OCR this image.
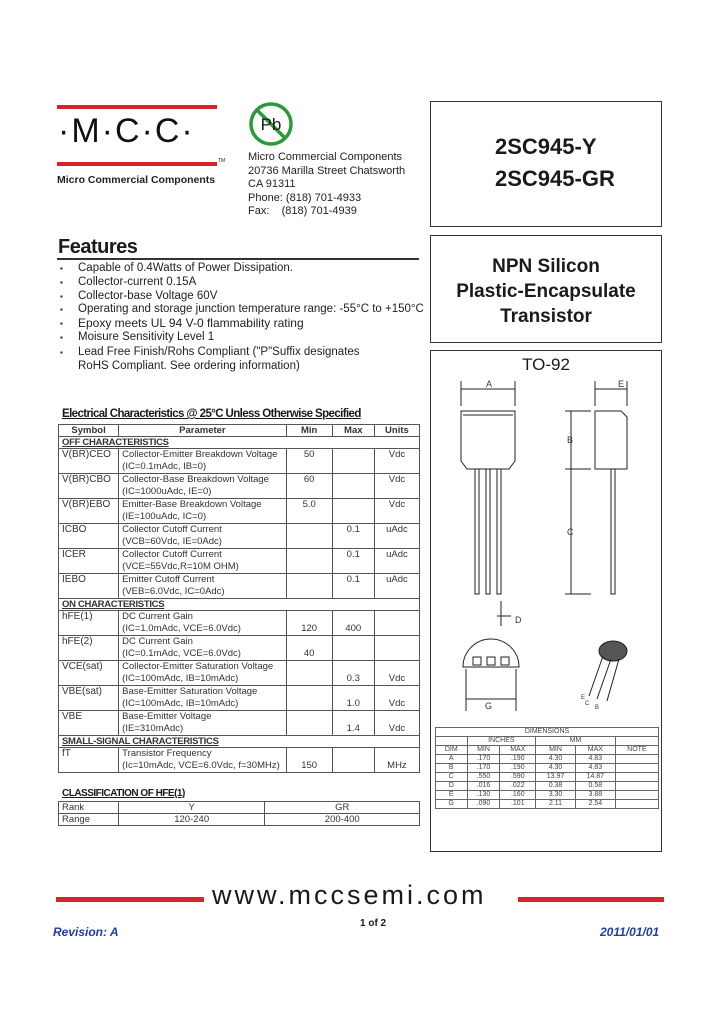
·M·C·C·
TM
Micro Commercial Components
Pb
Micro Commercial Components
20736 Marilla Street Chatsworth
CA 91311
Phone: (818) 701-4933
Fax:    (818) 701-4939
2SC945-Y
2SC945-GR
NPN Silicon
Plastic-Encapsulate
Transistor
Features
▪ Capable of 0.4Watts of Power Dissipation.
▪ Collector-current 0.15A
▪ Collector-base Voltage 60V
▪ Operating and storage junction temperature range: -55°C to +150°C
▪ Epoxy meets UL 94 V-0 flammability rating
▪ Moisure Sensitivity Level 1
▪ Lead Free Finish/Rohs Compliant ("P"Suffix designates
RoHS Compliant. See ordering information)
Electrical Characteristics @ 25°C Unless Otherwise Specified
Symbol	Parameter	Min	Max	Units
OFF CHARACTERISTICS				
V(BR)CEO	Collector-Emitter Breakdown Voltage
(IC=0.1mAdc, IB=0)	50		Vdc
V(BR)CBO	Collector-Base Breakdown Voltage
(IC=1000uAdc, IE=0)	60		Vdc
V(BR)EBO	Emitter-Base Breakdown Voltage
(IE=100uAdc, IC=0)	5.0		Vdc
ICBO	Collector Cutoff Current
(VCB=60Vdc, IE=0Adc)		0.1	uAdc
ICER	Collector Cutoff Current
(VCE=55Vdc,R=10M OHM)		0.1	uAdc
IEBO	Emitter Cutoff Current
(VEB=6.0Vdc, IC=0Adc)		0.1	uAdc
ON CHARACTERISTICS				
hFE(1)	DC Current Gain
(IC=1.0mAdc, VCE=6.0Vdc)	120	400	
hFE(2)	DC Current Gain
(IC=0.1mAdc, VCE=6.0Vdc)	40		
VCE(sat)	Collector-Emitter Saturation Voltage
(IC=100mAdc, IB=10mAdc)		0.3	Vdc
VBE(sat)	Base-Emitter Saturation Voltage
(IC=100mAdc, IB=10mAdc)		1.0	Vdc
VBE	Base-Emitter Voltage
(IE=310mAdc)		1.4	Vdc
SMALL-SIGNAL CHARACTERISTICS				
fT	Transistor Frequency
(Ic=10mAdc, VCE=6.0Vdc, f=30MHz)	150		MHz
CLASSIFICATION OF HFE(1)
Rank	Y	GR
Range	120-240	200-400
TO-92
A	E
B
C
D
G
E
C
B
DIMENSIONS					
	INCHES		MM		
DIM	MIN	MAX	MIN	MAX	NOTE
A	.170	.190	4.30	4.83	
B	.170	.190	4.30	4.83	
C	.550	.590	13.97	14.87	
D	.016	.022	0.38	0.58	
E	.130	.160	3.30	3.88	
G	.090	.101	2.11	2.54	
www.mccsemi.com
Revision: A
1 of 2
2011/01/01
